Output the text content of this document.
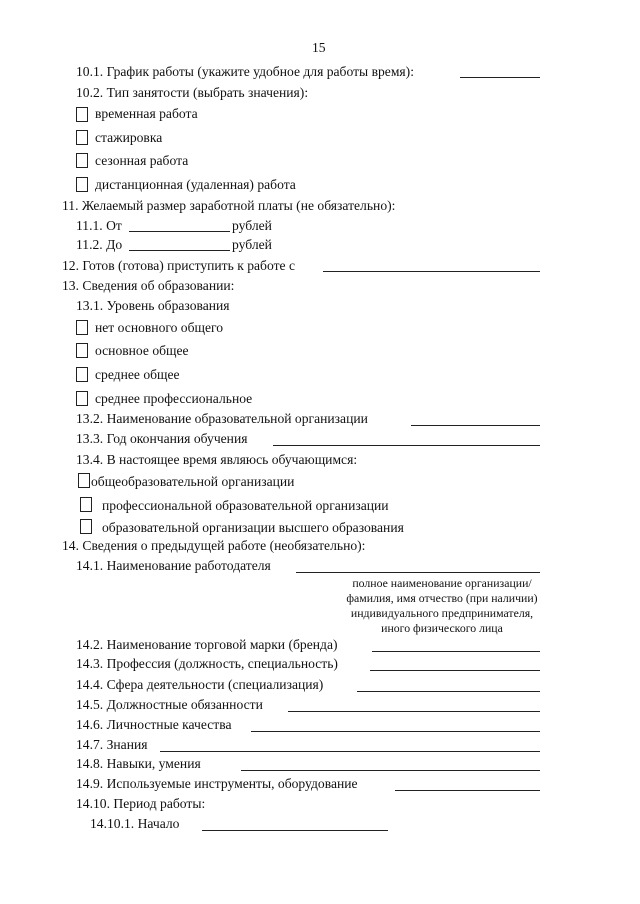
15
10.1. График работы (укажите удобное для работы время):
10.2. Тип занятости (выбрать значения):
временная работа
стажировка
сезонная работа
дистанционная (удаленная) работа
11. Желаемый размер заработной платы (не обязательно):
11.1. От	рублей
11.2. До	рублей
12. Готов (готова) приступить к работе с
13. Сведения об образовании:
13.1. Уровень образования
нет основного общего
основное общее
среднее общее
среднее профессиональное
13.2. Наименование образовательной организации
13.3. Год окончания обучения
13.4. В настоящее время являюсь обучающимся:
общеобразовательной организации
профессиональной образовательной организации
образовательной организации высшего образования
14. Сведения о предыдущей работе (необязательно):
14.1. Наименование работодателя
полное наименование организации/
фамилия, имя отчество (при наличии)
индивидуального предпринимателя,
иного физического лица
14.2. Наименование торговой марки (бренда)
14.3. Профессия (должность, специальность)
14.4. Сфера деятельности (специализация)
14.5. Должностные обязанности
14.6. Личностные качества
14.7. Знания
14.8. Навыки, умения
14.9. Используемые инструменты, оборудование
14.10. Период работы:
14.10.1. Начало
